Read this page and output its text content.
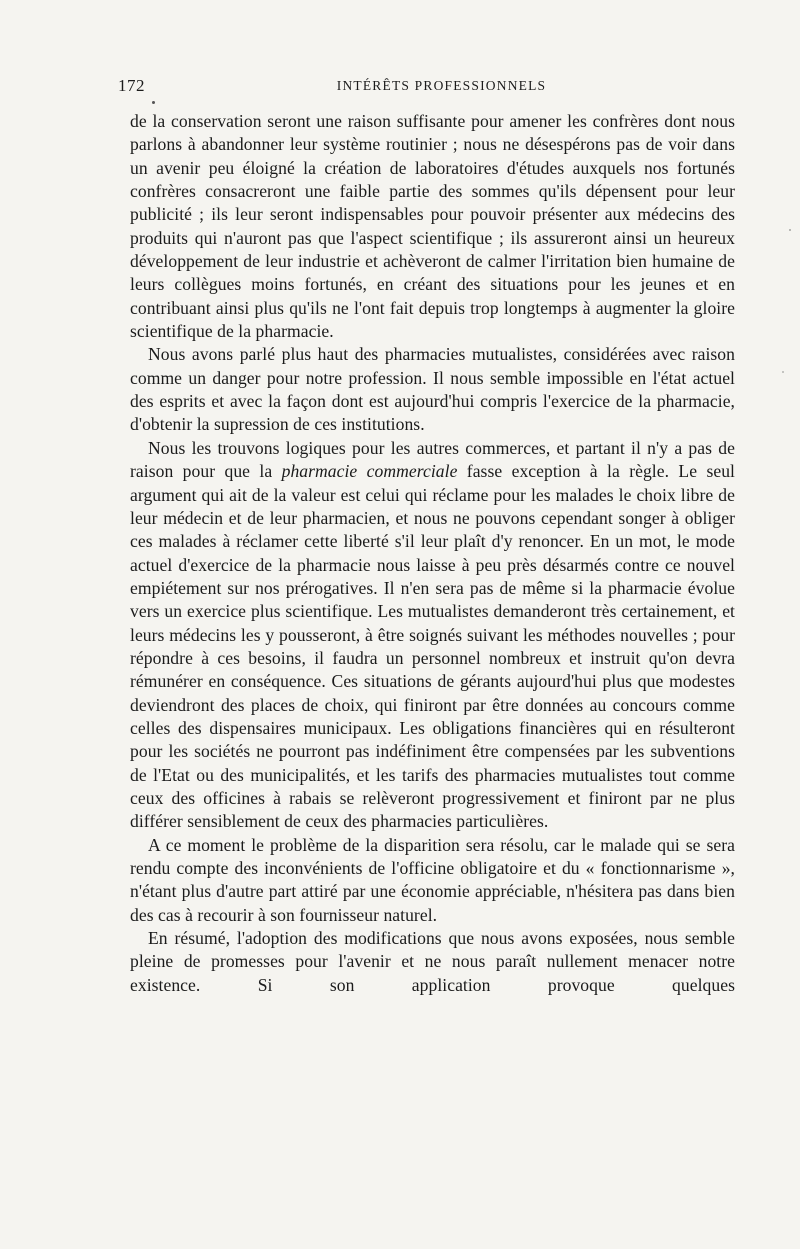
172	INTÉRÊTS PROFESSIONNELS

de la conservation seront une raison suffisante pour amener les confrères dont nous parlons à abandonner leur système routinier ; nous ne désespérons pas de voir dans un avenir peu éloigné la création de laboratoires d'études auxquels nos fortunés confrères consacreront une faible partie des sommes qu'ils dépensent pour leur publicité ; ils leur seront indispensables pour pouvoir présenter aux médecins des produits qui n'auront pas que l'aspect scientifique ; ils assureront ainsi un heureux développement de leur industrie et achèveront de calmer l'irritation bien humaine de leurs collègues moins fortunés, en créant des situations pour les jeunes et en contribuant ainsi plus qu'ils ne l'ont fait depuis trop longtemps à augmenter la gloire scientifique de la pharmacie.

Nous avons parlé plus haut des pharmacies mutualistes, considérées avec raison comme un danger pour notre profession. Il nous semble impossible en l'état actuel des esprits et avec la façon dont est aujourd'hui compris l'exercice de la pharmacie, d'obtenir la supression de ces institutions.

Nous les trouvons logiques pour les autres commerces, et partant il n'y a pas de raison pour que la pharmacie commerciale fasse exception à la règle. Le seul argument qui ait de la valeur est celui qui réclame pour les malades le choix libre de leur médecin et de leur pharmacien, et nous ne pouvons cependant songer à obliger ces malades à réclamer cette liberté s'il leur plaît d'y renoncer. En un mot, le mode actuel d'exercice de la pharmacie nous laisse à peu près désarmés contre ce nouvel empiétement sur nos prérogatives. Il n'en sera pas de même si la pharmacie évolue vers un exercice plus scientifique. Les mutualistes demanderont très certainement, et leurs médecins les y pousseront, à être soignés suivant les méthodes nouvelles ; pour répondre à ces besoins, il faudra un personnel nombreux et instruit qu'on devra rémunérer en conséquence. Ces situations de gérants aujourd'hui plus que modestes deviendront des places de choix, qui finiront par être données au concours comme celles des dispensaires municipaux. Les obligations financières qui en résulteront pour les sociétés ne pourront pas indéfiniment être compensées par les subventions de l'Etat ou des municipalités, et les tarifs des pharmacies mutualistes tout comme ceux des officines à rabais se relèveront progressivement et finiront par ne plus différer sensiblement de ceux des pharmacies particulières.

A ce moment le problème de la disparition sera résolu, car le malade qui se sera rendu compte des inconvénients de l'officine obligatoire et du « fonctionnarisme », n'étant plus d'autre part attiré par une économie appréciable, n'hésitera pas dans bien des cas à recourir à son fournisseur naturel.

En résumé, l'adoption des modifications que nous avons exposées, nous semble pleine de promesses pour l'avenir et ne nous paraît nullement menacer notre existence. Si son application provoque quelques
